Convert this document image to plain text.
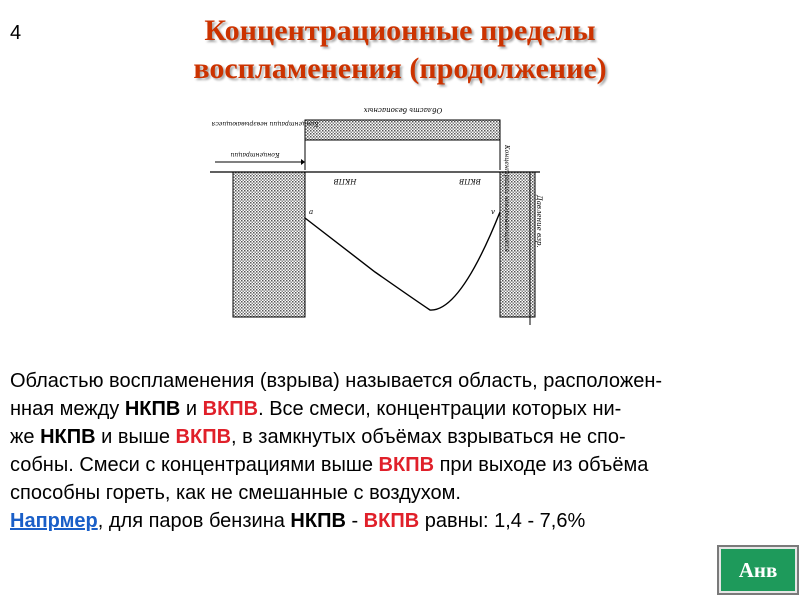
4	Концентрационные пределы
воспламенения (продолжение)
Область безопасных
Концентрации невзрывающиеся
Концентрации
НКПВ	ВКПВ	Концентрации невзрывающиеся	Давление взр.
а	v
Областью воспламенения (взрыва) называется область, расположен-
нная между НКПВ и ВКПВ. Все смеси, концентрации которых ни-
же НКПВ и выше ВКПВ, в замкнутых объёмах взрываться не спо-
собны. Смеси с концентрациями выше ВКПВ при выходе из объёма
способны гореть, как не смешанные с воздухом.
Напрмер, для паров бензина НКПВ - ВКПВ равны: 1,4 - 7,6%
Анв
